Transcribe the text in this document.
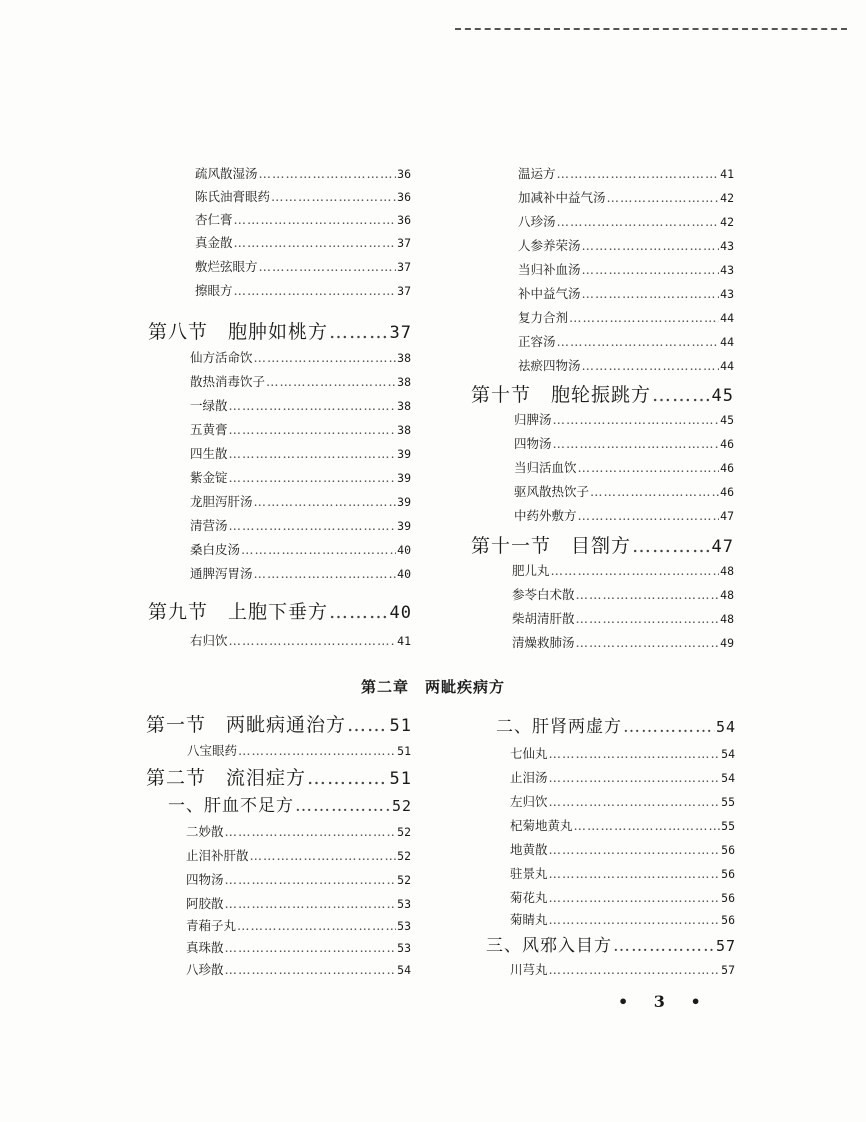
疏风散湿汤 …………………………………………………………………………………………………………	36
陈氏油膏眼药 …………………………………………………………………………………………………………	36
杏仁膏 …………………………………………………………………………………………………………	36
真金散 …………………………………………………………………………………………………………	37
敷烂弦眼方 …………………………………………………………………………………………………………	37
擦眼方 …………………………………………………………………………………………………………	37
第八节　胞肿如桃方 …………………………………………………………………………………………………………	37
仙方活命饮 …………………………………………………………………………………………………………	38
散热消毒饮子 …………………………………………………………………………………………………………	38
一绿散 …………………………………………………………………………………………………………	38
五黄膏 …………………………………………………………………………………………………………	38
四生散 …………………………………………………………………………………………………………	39
紫金锭 …………………………………………………………………………………………………………	39
龙胆泻肝汤 …………………………………………………………………………………………………………	39
清营汤 …………………………………………………………………………………………………………	39
桑白皮汤 …………………………………………………………………………………………………………	40
通脾泻胃汤 …………………………………………………………………………………………………………	40
第九节　上胞下垂方 …………………………………………………………………………………………………………	40
右归饮 …………………………………………………………………………………………………………	41
温运方 …………………………………………………………………………………………………………	41
加减补中益气汤 …………………………………………………………………………………………………………	42
八珍汤 …………………………………………………………………………………………………………	42
人参养荣汤 …………………………………………………………………………………………………………	43
当归补血汤 …………………………………………………………………………………………………………	43
补中益气汤 …………………………………………………………………………………………………………	43
复力合剂 …………………………………………………………………………………………………………	44
正容汤 …………………………………………………………………………………………………………	44
祛瘀四物汤 …………………………………………………………………………………………………………	44
第十节　胞轮振跳方 …………………………………………………………………………………………………………	45
归脾汤 …………………………………………………………………………………………………………	45
四物汤 …………………………………………………………………………………………………………	46
当归活血饮 …………………………………………………………………………………………………………	46
驱风散热饮子 …………………………………………………………………………………………………………	46
中药外敷方 …………………………………………………………………………………………………………	47
第十一节　目劄方 …………………………………………………………………………………………………………	47
肥儿丸 …………………………………………………………………………………………………………	48
参苓白术散 …………………………………………………………………………………………………………	48
柴胡清肝散 …………………………………………………………………………………………………………	48
清燥救肺汤 …………………………………………………………………………………………………………	49
第二章　两眦疾病方
第一节　两眦病通治方 …………………………………………………………………………………………………………	51
八宝眼药 …………………………………………………………………………………………………………	51
第二节　流泪症方 …………………………………………………………………………………………………………	51
一、肝血不足方 …………………………………………………………………………………………………………	52
二妙散 …………………………………………………………………………………………………………	52
止泪补肝散 …………………………………………………………………………………………………………	52
四物汤 …………………………………………………………………………………………………………	52
阿胶散 …………………………………………………………………………………………………………	53
青葙子丸 …………………………………………………………………………………………………………	53
真珠散 …………………………………………………………………………………………………………	53
八珍散 …………………………………………………………………………………………………………	54
二、肝肾两虚方 …………………………………………………………………………………………………………	54
七仙丸 …………………………………………………………………………………………………………	54
止泪汤 …………………………………………………………………………………………………………	54
左归饮 …………………………………………………………………………………………………………	55
杞菊地黄丸 …………………………………………………………………………………………………………	55
地黄散 …………………………………………………………………………………………………………	56
驻景丸 …………………………………………………………………………………………………………	56
菊花丸 …………………………………………………………………………………………………………	56
菊睛丸 …………………………………………………………………………………………………………	56
三、风邪入目方 …………………………………………………………………………………………………………	57
川芎丸 …………………………………………………………………………………………………………	57
• 3 •
